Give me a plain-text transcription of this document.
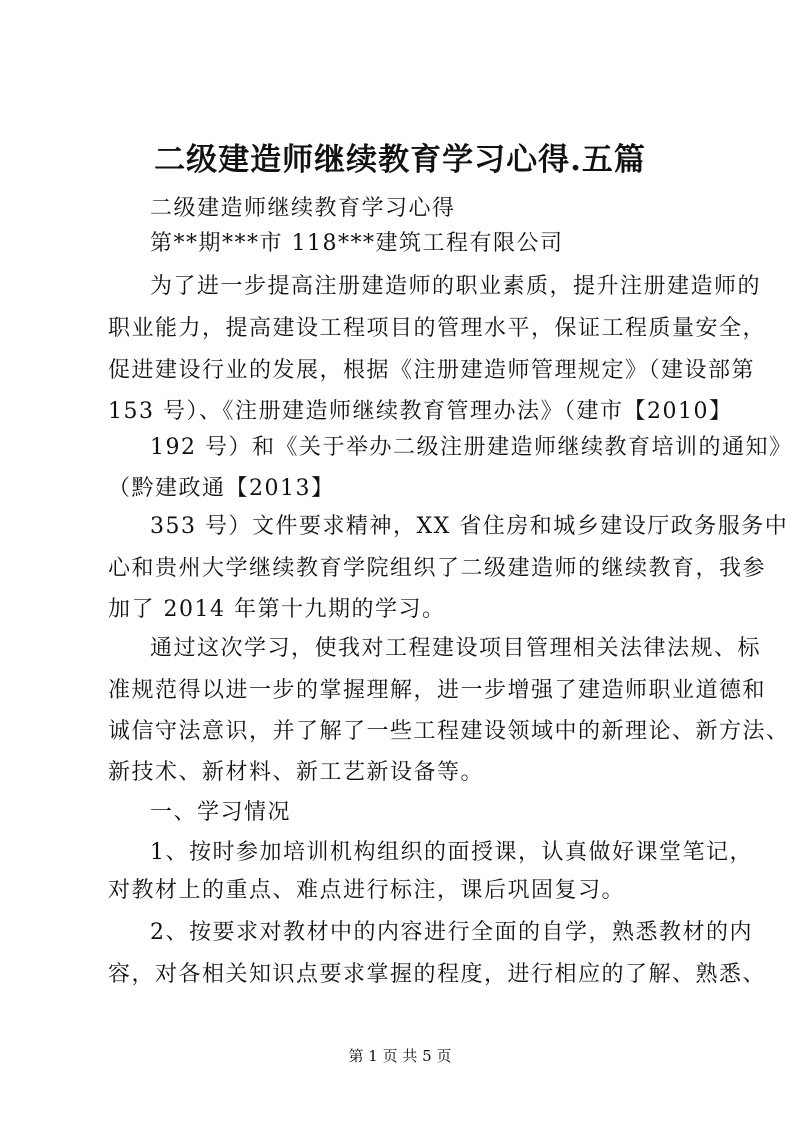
二级建造师继续教育学习心得.五篇
二级建造师继续教育学习心得
第**期***市 118***建筑工程有限公司
为了进一步提高注册建造师的职业素质，提升注册建造师的
职业能力，提高建设工程项目的管理水平，保证工程质量安全，
促进建设行业的发展，根据《注册建造师管理规定》（建设部第
153 号）、《注册建造师继续教育管理办法》（建市【2010】
192 号）和《关于举办二级注册建造师继续教育培训的通知》
（黔建政通【2013】
353 号）文件要求精神，XX 省住房和城乡建设厅政务服务中
心和贵州大学继续教育学院组织了二级建造师的继续教育，我参
加了 2014 年第十九期的学习。
通过这次学习，使我对工程建设项目管理相关法律法规、标
准规范得以进一步的掌握理解，进一步增强了建造师职业道德和
诚信守法意识，并了解了一些工程建设领域中的新理论、新方法、
新技术、新材料、新工艺新设备等。
一、学习情况
1、按时参加培训机构组织的面授课，认真做好课堂笔记，
对教材上的重点、难点进行标注，课后巩固复习。
2、按要求对教材中的内容进行全面的自学，熟悉教材的内
容，对各相关知识点要求掌握的程度，进行相应的了解、熟悉、
第 1 页 共 5 页
